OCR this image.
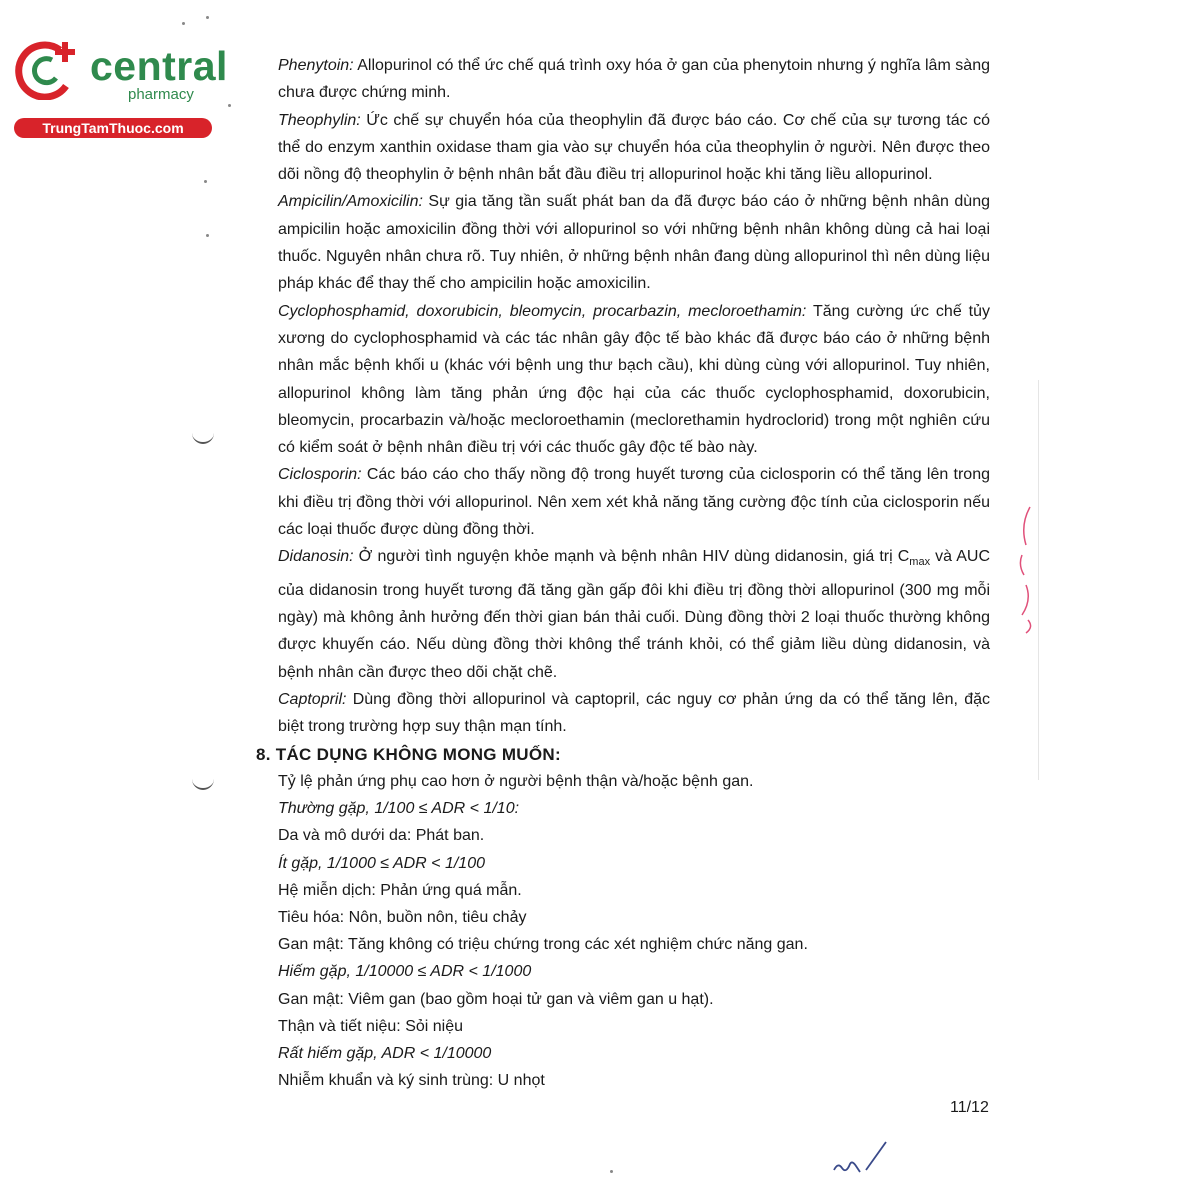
central
pharmacy
TrungTamThuoc.com

Phenytoin: Allopurinol có thể ức chế quá trình oxy hóa ở gan của phenytoin nhưng ý nghĩa lâm sàng chưa được chứng minh.

Theophylin: Ức chế sự chuyển hóa của theophylin đã được báo cáo. Cơ chế của sự tương tác có thể do enzym xanthin oxidase tham gia vào sự chuyển hóa của theophylin ở người. Nên được theo dõi nồng độ theophylin ở bệnh nhân bắt đầu điều trị allopurinol hoặc khi tăng liều allopurinol.

Ampicilin/Amoxicilin: Sự gia tăng tần suất phát ban da đã được báo cáo ở những bệnh nhân dùng ampicilin hoặc amoxicilin đồng thời với allopurinol so với những bệnh nhân không dùng cả hai loại thuốc. Nguyên nhân chưa rõ. Tuy nhiên, ở những bệnh nhân đang dùng allopurinol thì nên dùng liệu pháp khác để thay thế cho ampicilin hoặc amoxicilin.

Cyclophosphamid, doxorubicin, bleomycin, procarbazin, mecloroethamin: Tăng cường ức chế tủy xương do cyclophosphamid và các tác nhân gây độc tế bào khác đã được báo cáo ở những bệnh nhân mắc bệnh khối u (khác với bệnh ung thư bạch cầu), khi dùng cùng với allopurinol. Tuy nhiên, allopurinol không làm tăng phản ứng độc hại của các thuốc cyclophosphamid, doxorubicin, bleomycin, procarbazin và/hoặc mecloroethamin (meclorethamin hydroclorid) trong một nghiên cứu có kiểm soát ở bệnh nhân điều trị với các thuốc gây độc tế bào này.

Ciclosporin: Các báo cáo cho thấy nồng độ trong huyết tương của ciclosporin có thể tăng lên trong khi điều trị đồng thời với allopurinol. Nên xem xét khả năng tăng cường độc tính của ciclosporin nếu các loại thuốc được dùng đồng thời.

Didanosin: Ở người tình nguyện khỏe mạnh và bệnh nhân HIV dùng didanosin, giá trị $C_{max}$ và AUC của didanosin trong huyết tương đã tăng gần gấp đôi khi điều trị đồng thời allopurinol (300 mg mỗi ngày) mà không ảnh hưởng đến thời gian bán thải cuối. Dùng đồng thời 2 loại thuốc thường không được khuyến cáo. Nếu dùng đồng thời không thể tránh khỏi, có thể giảm liều dùng didanosin, và bệnh nhân cần được theo dõi chặt chẽ.

Captopril: Dùng đồng thời allopurinol và captopril, các nguy cơ phản ứng da có thể tăng lên, đặc biệt trong trường hợp suy thận mạn tính.

8. TÁC DỤNG KHÔNG MONG MUỐN:

Tỷ lệ phản ứng phụ cao hơn ở người bệnh thận và/hoặc bệnh gan.

Thường gặp, 1/100 ≤ ADR < 1/10:

Da và mô dưới da: Phát ban.

Ít gặp, 1/1000 ≤ ADR < 1/100

Hệ miễn dịch: Phản ứng quá mẫn.

Tiêu hóa: Nôn, buồn nôn, tiêu chảy

Gan mật: Tăng không có triệu chứng trong các xét nghiệm chức năng gan.

Hiếm gặp, 1/10000 ≤ ADR < 1/1000

Gan mật: Viêm gan (bao gồm hoại tử gan và viêm gan u hạt).

Thận và tiết niệu: Sỏi niệu

Rất hiếm gặp, ADR < 1/10000

Nhiễm khuẩn và ký sinh trùng: U nhọt

11/12
